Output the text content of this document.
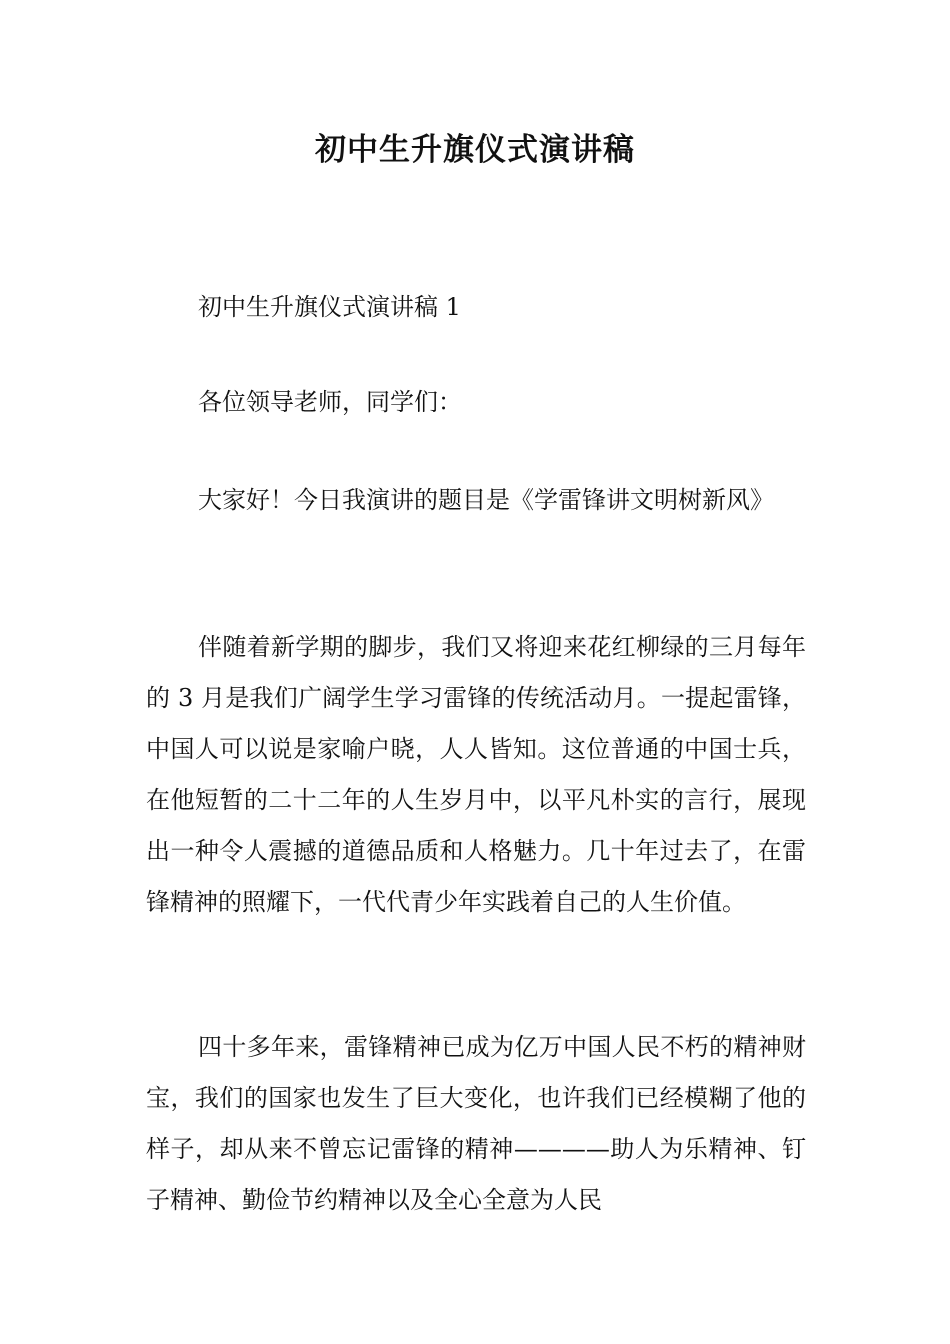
初中生升旗仪式演讲稿

初中生升旗仪式演讲稿 1

各位领导老师，同学们：

大家好！今日我演讲的题目是《学雷锋讲文明树新风》

伴随着新学期的脚步，我们又将迎来花红柳绿的三月每年的 3 月是我们广阔学生学习雷锋的传统活动月。一提起雷锋，中国人可以说是家喻户晓，人人皆知。这位普通的中国士兵，在他短暂的二十二年的人生岁月中，以平凡朴实的言行，展现出一种令人震撼的道德品质和人格魅力。几十年过去了，在雷锋精神的照耀下，一代代青少年实践着自己的人生价值。

四十多年来，雷锋精神已成为亿万中国人民不朽的精神财宝，我们的国家也发生了巨大变化，也许我们已经模糊了他的样子，却从来不曾忘记雷锋的精神————助人为乐精神、钉子精神、勤俭节约精神以及全心全意为人民
